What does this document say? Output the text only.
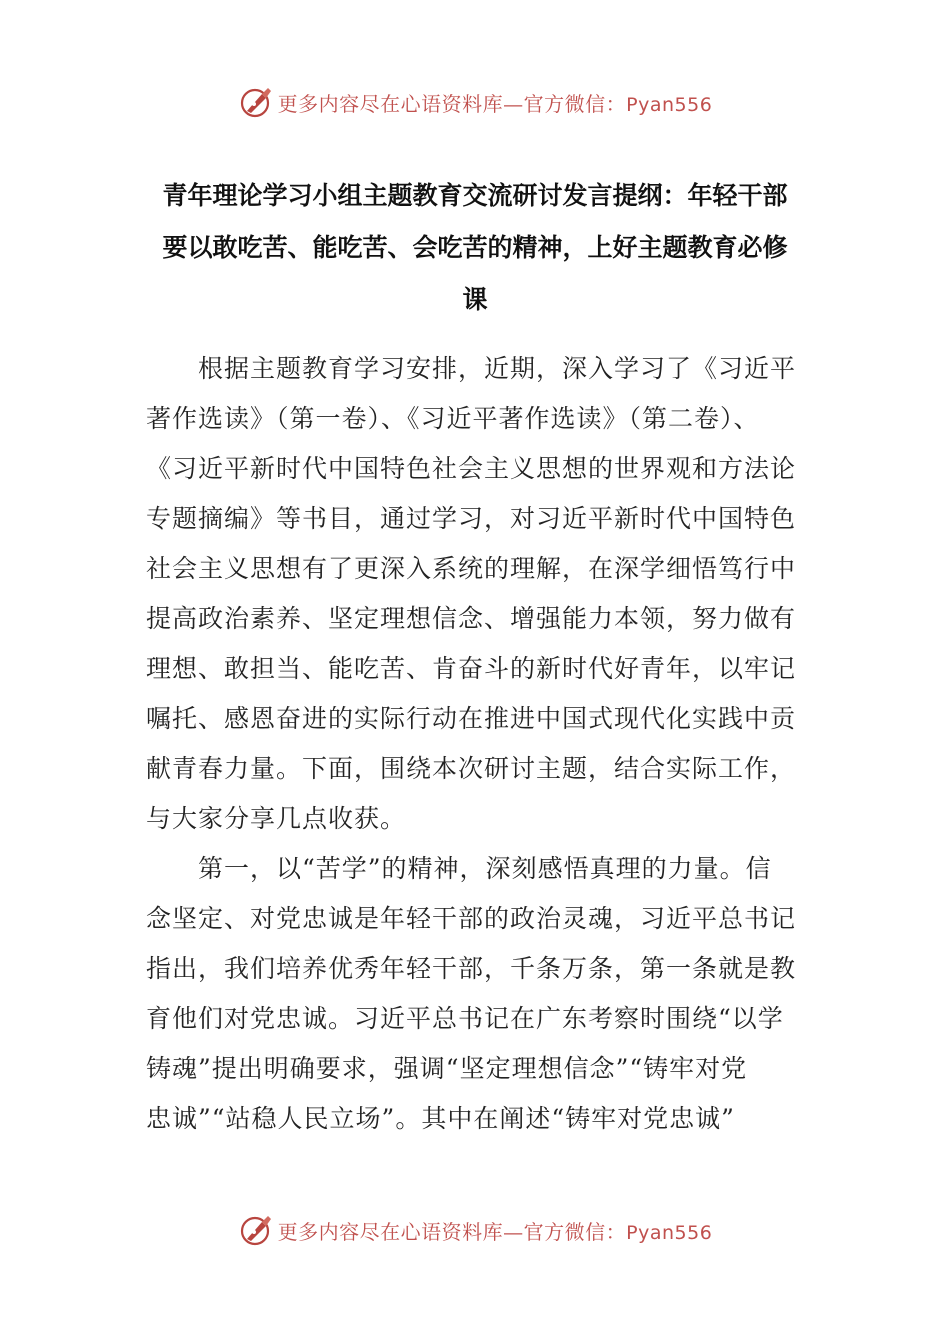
更多内容尽在心语资料库—官方微信：Pyan556
青年理论学习小组主题教育交流研讨发言提纲：年轻干部
要以敢吃苦、能吃苦、会吃苦的精神，上好主题教育必修
课
根据主题教育学习安排，近期，深入学习了《习近平
著作选读》（第一卷）、《习近平著作选读》（第二卷）、
《习近平新时代中国特色社会主义思想的世界观和方法论
专题摘编》等书目，通过学习，对习近平新时代中国特色
社会主义思想有了更深入系统的理解，在深学细悟笃行中
提高政治素养、坚定理想信念、增强能力本领，努力做有
理想、敢担当、能吃苦、肯奋斗的新时代好青年，以牢记
嘱托、感恩奋进的实际行动在推进中国式现代化实践中贡
献青春力量。下面，围绕本次研讨主题，结合实际工作，
与大家分享几点收获。
第一，以“苦学”的精神，深刻感悟真理的力量。信
念坚定、对党忠诚是年轻干部的政治灵魂，习近平总书记
指出，我们培养优秀年轻干部，千条万条，第一条就是教
育他们对党忠诚。习近平总书记在广东考察时围绕“以学
铸魂”提出明确要求，强调“坚定理想信念”“铸牢对党
忠诚”“站稳人民立场”。其中在阐述“铸牢对党忠诚”
更多内容尽在心语资料库—官方微信：Pyan556
